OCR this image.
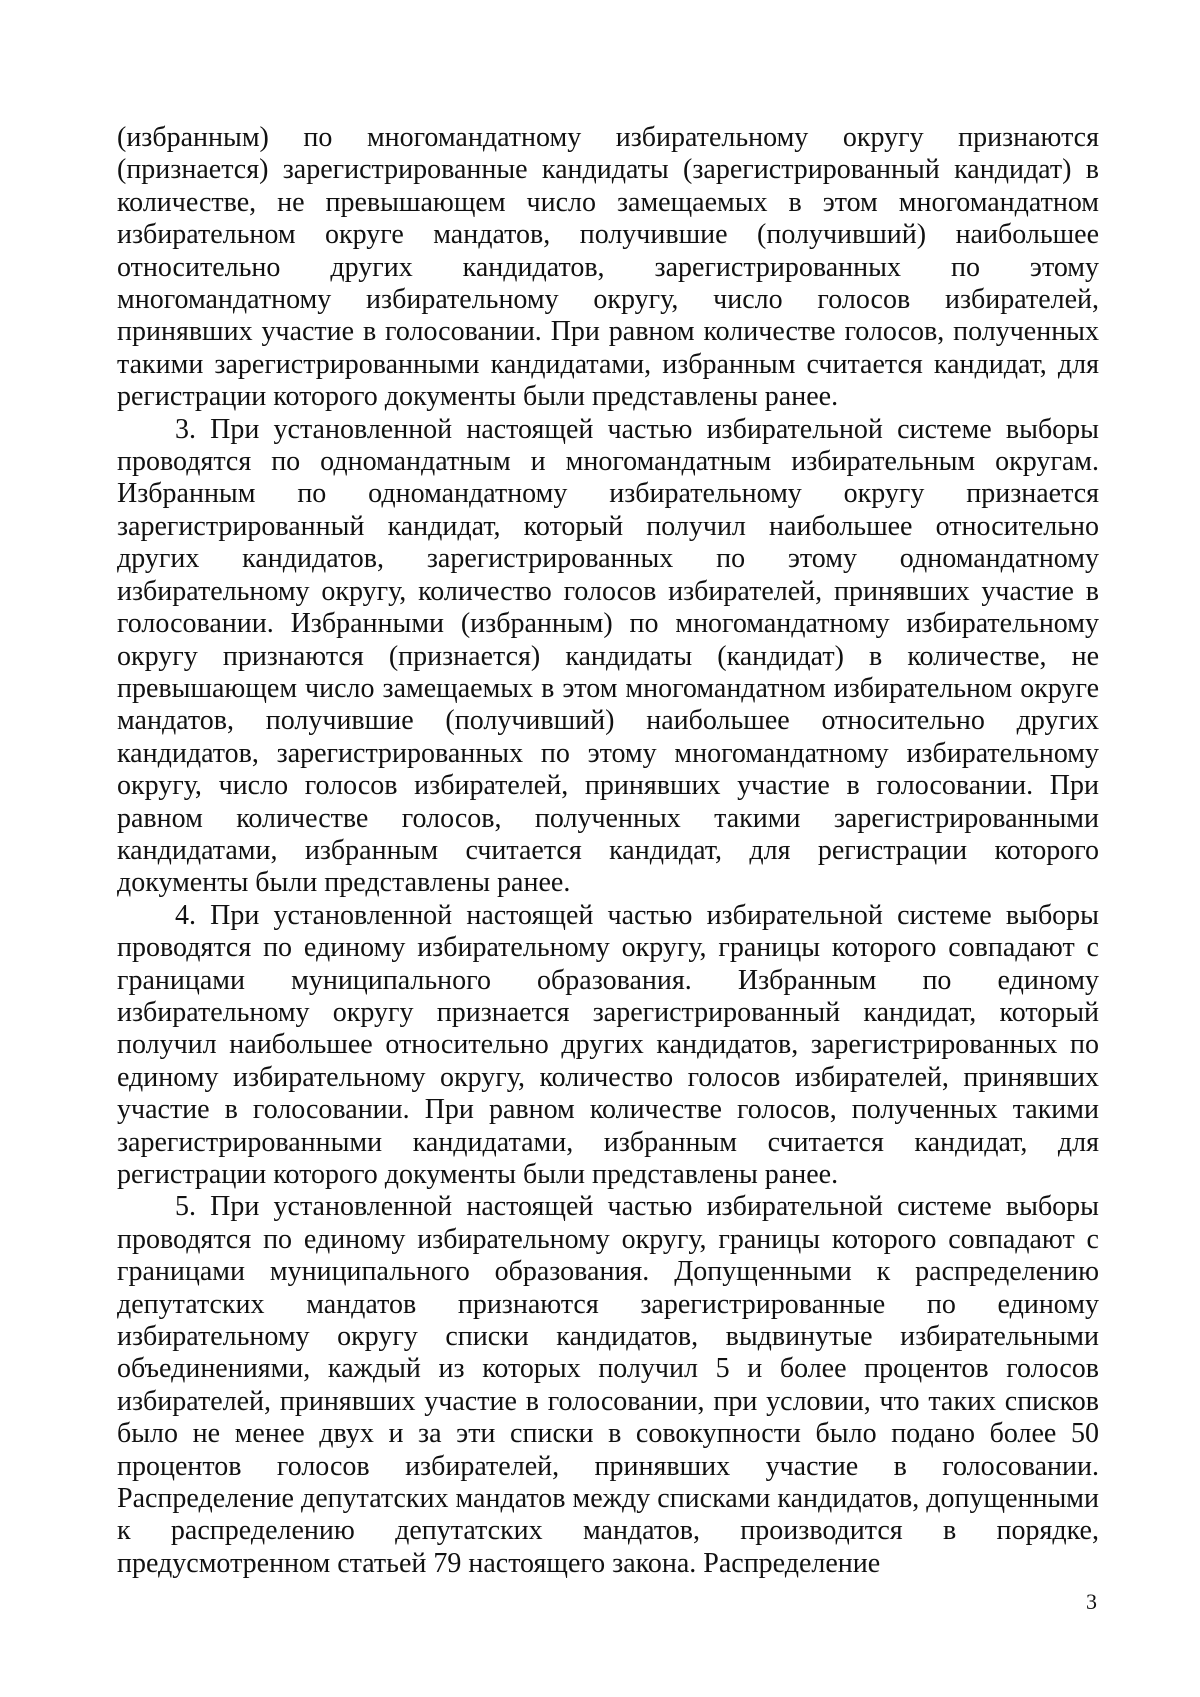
(избранным) по многомандатному избирательному округу признаются (признается) зарегистрированные кандидаты (зарегистрированный кандидат) в количестве, не превышающем число замещаемых в этом многомандатном избирательном округе мандатов, получившие (получивший) наибольшее относительно других кандидатов, зарегистрированных по этому многомандатному избирательному округу, число голосов избирателей, принявших участие в голосовании. При равном количестве голосов, полученных такими зарегистрированными кандидатами, избранным считается кандидат, для регистрации которого документы были представлены ранее.

3. При установленной настоящей частью избирательной системе выборы проводятся по одномандатным и многомандатным избирательным округам. Избранным по одномандатному избирательному округу признается зарегистрированный кандидат, который получил наибольшее относительно других кандидатов, зарегистрированных по этому одномандатному избирательному округу, количество голосов избирателей, принявших участие в голосовании. Избранными (избранным) по многомандатному избирательному округу признаются (признается) кандидаты (кандидат) в количестве, не превышающем число замещаемых в этом многомандатном избирательном округе мандатов, получившие (получивший) наибольшее относительно других кандидатов, зарегистрированных по этому многомандатному избирательному округу, число голосов избирателей, принявших участие в голосовании. При равном количестве голосов, полученных такими зарегистрированными кандидатами, избранным считается кандидат, для регистрации которого документы были представлены ранее.

4. При установленной настоящей частью избирательной системе выборы проводятся по единому избирательному округу, границы которого совпадают с границами муниципального образования. Избранным по единому избирательному округу признается зарегистрированный кандидат, который получил наибольшее относительно других кандидатов, зарегистрированных по единому избирательному округу, количество голосов избирателей, принявших участие в голосовании. При равном количестве голосов, полученных такими зарегистрированными кандидатами, избранным считается кандидат, для регистрации которого документы были представлены ранее.

5. При установленной настоящей частью избирательной системе выборы проводятся по единому избирательному округу, границы которого совпадают с границами муниципального образования. Допущенными к распределению депутатских мандатов признаются зарегистрированные по единому избирательному округу списки кандидатов, выдвинутые избирательными объединениями, каждый из которых получил 5 и более процентов голосов избирателей, принявших участие в голосовании, при условии, что таких списков было не менее двух и за эти списки в совокупности было подано более 50 процентов голосов избирателей, принявших участие в голосовании. Распределение депутатских мандатов между списками кандидатов, допущенными к распределению депутатских мандатов, производится в порядке, предусмотренном статьей 79 настоящего закона. Распределение

3
